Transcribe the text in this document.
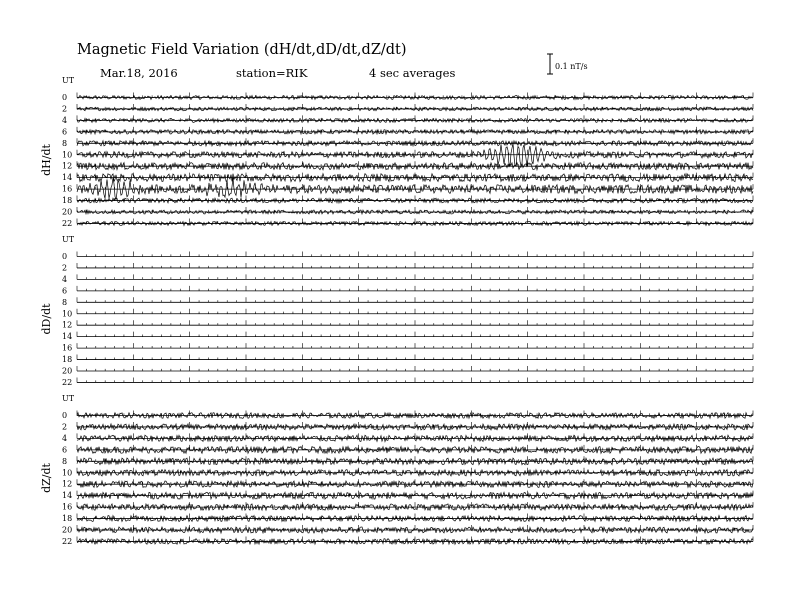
Magnetic Field Variation (dH/dt,dD/dt,dZ/dt)
Mar.18, 2016	station=RIK	4 sec averages	0.1 nT/s
UT
dH/dt
0
2
4
6
8
10
12
14
16
18
20
22
UT
dD/dt
0
2
4
6
8
10
12
14
16
18
20
22
UT
dZ/dt
0
2
4
6
8
10
12
14
16
18
20
22
